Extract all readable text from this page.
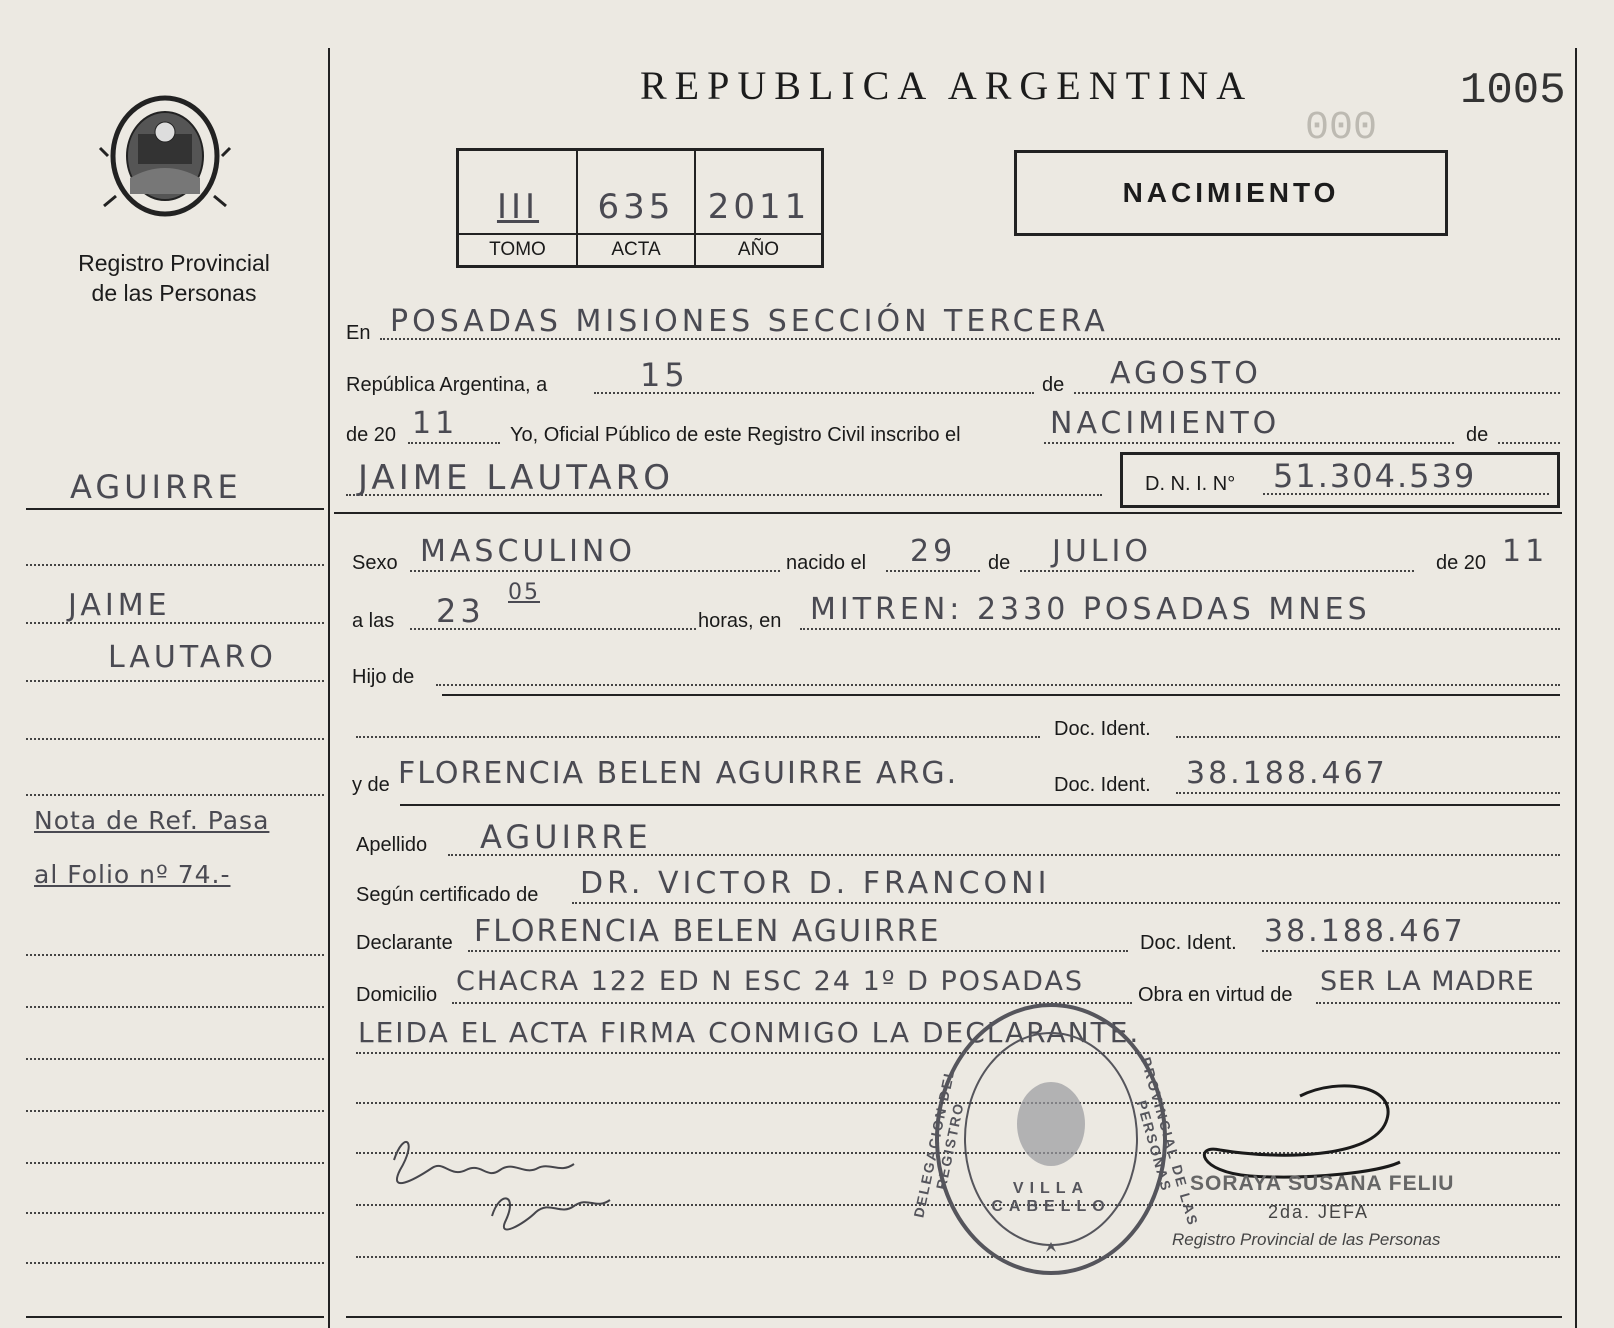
Registro Provincial
de las Personas
AGUIRRE
JAIME
LAUTARO
Nota de Ref. Pasa
al Folio nº 74.-
REPUBLICA ARGENTINA	1005
000
III	635 2011
TOMO	ACTA	AÑO
NACIMIENTO
En POSADAS MISIONES SECCIÓN TERCERA
República Argentina, a	15	de AGOSTO
de 20 11	Yo, Oficial Público de este Registro Civil inscribo el	NACIMIENTO	de
JAIME LAUTARO	D. N. I. N° 51.304.539
Sexo MASCULINO	nacido el 29 de JULIO	de 20 11
a las 23 05
horas, en MITREN: 2330 POSADAS MNES
Hijo de
Doc. Ident.
y de FLORENCIA BELEN AGUIRRE ARG.	Doc. Ident. 38.188.467
Apellido AGUIRRE
Según certificado de DR. VICTOR D. FRANCONI
Declarante FLORENCIA BELEN AGUIRRE	Doc. Ident. 38.188.467
Domicilio CHACRA 122 ED N ESC 24 1º D POSADAS	Obra en virtud de SER LA MADRE
LEIDA EL ACTA FIRMA CONMIGO LA DECLARANTE.
DELEGACION DEL REGISTRO	PROVINCIAL DE LAS PERSONAS
VILLA CABELLO
SORAYA SUSANA FELIU
2da. JEFA
Registro Provincial de las Personas
